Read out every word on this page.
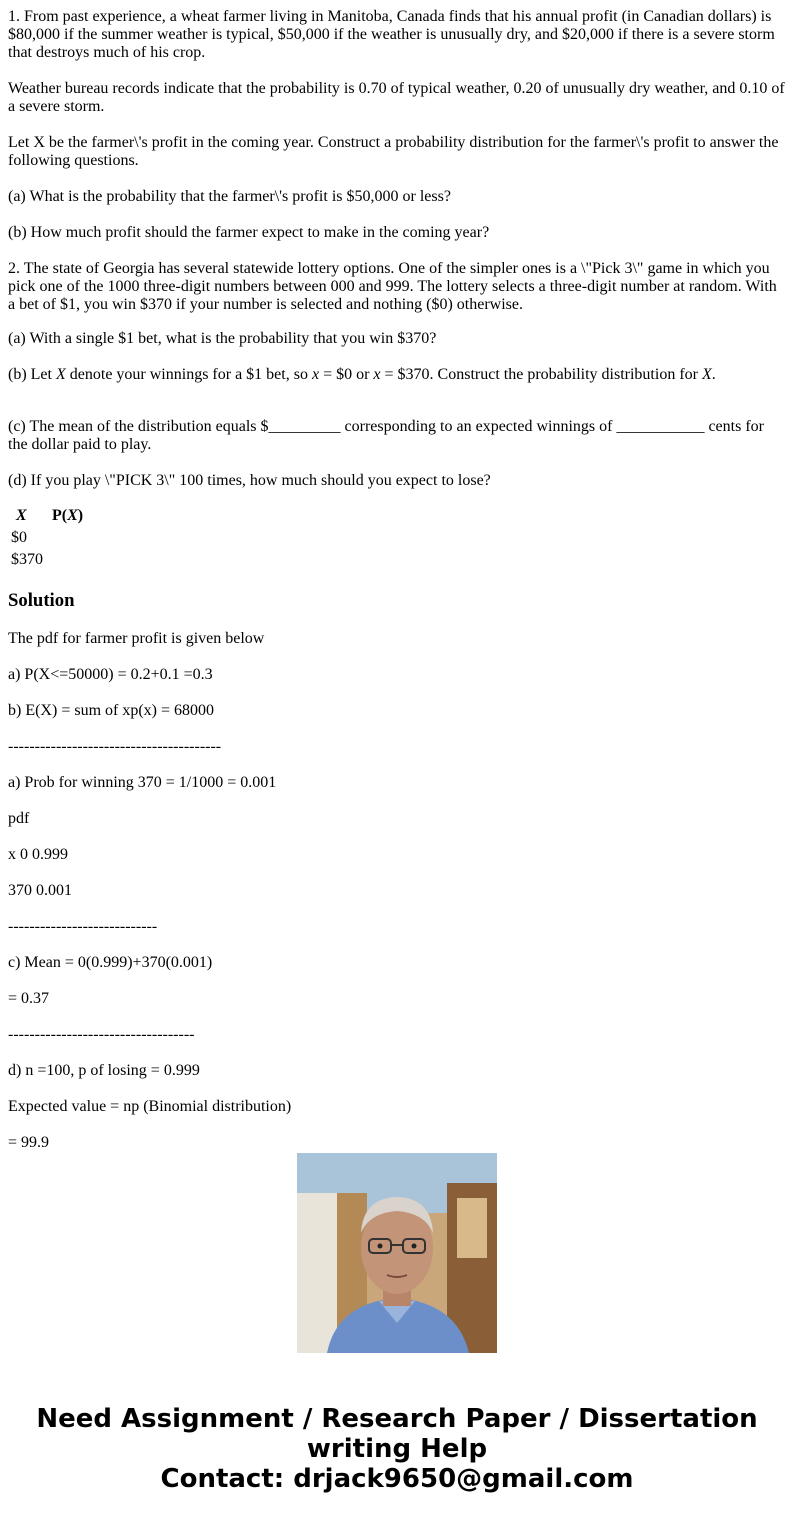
1. From past experience, a wheat farmer living in Manitoba, Canada finds that his annual profit (in Canadian dollars) is $80,000 if the summer weather is typical, $50,000 if the weather is unusually dry, and $20,000 if there is a severe storm that destroys much of his crop.

Weather bureau records indicate that the probability is 0.70 of typical weather, 0.20 of unusually dry weather, and 0.10 of a severe storm.

Let X be the farmer\'s profit in the coming year. Construct a probability distribution for the farmer\'s profit to answer the following questions.

(a) What is the probability that the farmer\'s profit is $50,000 or less?

(b) How much profit should the farmer expect to make in the coming year?

2. The state of Georgia has several statewide lottery options. One of the simpler ones is a \"Pick 3\" game in which you pick one of the 1000 three-digit numbers between 000 and 999. The lottery selects a three-digit number at random. With a bet of $1, you win $370 if your number is selected and nothing ($0) otherwise.

(a) With a single $1 bet, what is the probability that you win $370?

(b) Let X denote your winnings for a $1 bet, so x = $0 or x = $370. Construct the probability distribution for X.

(c) The mean of the distribution equals $_________ corresponding to an expected winnings of ___________ cents for the dollar paid to play.

(d) If you play \"PICK 3\" 100 times, how much should you expect to lose?

X	P(X)
$0	
$370	
Solution

The pdf for farmer profit is given below

a) P(X<=50000) = 0.2+0.1 =0.3

b) E(X) = sum of xp(x) = 68000

----------------------------------------

a) Prob for winning 370 = 1/1000 = 0.001

pdf

x 0 0.999

370 0.001

----------------------------

c) Mean = 0(0.999)+370(0.001)

= 0.37

-----------------------------------

d) n =100, p of losing = 0.999

Expected value = np (Binomial distribution)

= 99.9

Need Assignment / Research Paper / Dissertation
writing Help
Contact: drjack9650@gmail.com
